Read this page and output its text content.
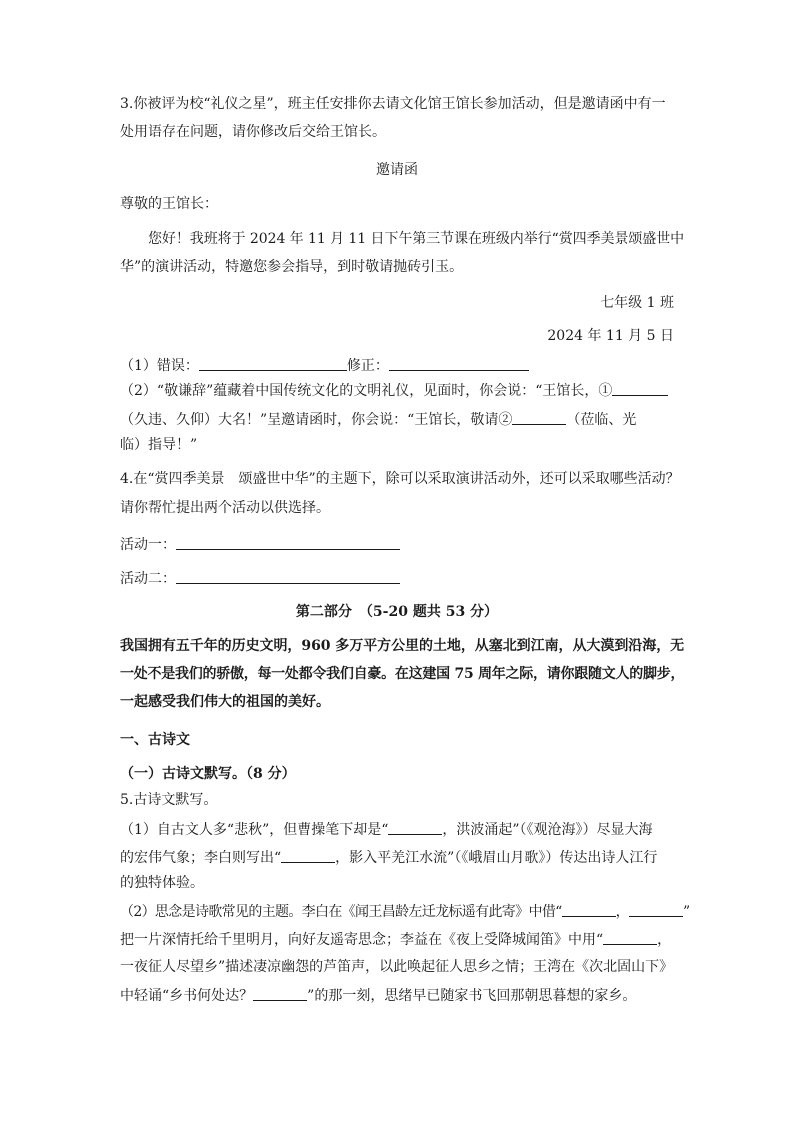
3.你被评为校“礼仪之星”，班主任安排你去请文化馆王馆长参加活动，但是邀请函中有一
处用语存在问题，请你修改后交给王馆长。
邀请函
尊敬的王馆长：
您好！我班将于 2024 年 11 月 11 日下午第三节课在班级内举行“赏四季美景颂盛世中
华”的演讲活动，特邀您参会指导，到时敬请抛砖引玉。
七年级 1 班
2024 年 11 月 5 日
（1）错误：	修正：
（2）“敬谦辞”蕴藏着中国传统文化的文明礼仪，见面时，你会说：“王馆长，①
（久违、久仰）大名！”呈邀请函时，你会说：“王馆长，敬请②	（莅临、光
临）指导！”
4.在“赏四季美景　颂盛世中华”的主题下，除可以采取演讲活动外，还可以采取哪些活动？
请你帮忙提出两个活动以供选择。
活动一：
活动二：
第二部分　（5-20 题共 53 分）
我国拥有五千年的历史文明，960 多万平方公里的土地，从塞北到江南，从大漠到沿海，无
一处不是我们的骄傲，每一处都令我们自豪。在这建国 75 周年之际，请你跟随文人的脚步，
一起感受我们伟大的祖国的美好。
一、古诗文
（一）古诗文默写。（8 分）
5.古诗文默写。
（1）自古文人多“悲秋”，但曹操笔下却是“	，洪波涌起”（《观沧海》）尽显大海
的宏伟气象；李白则写出“	，影入平羌江水流”（《峨眉山月歌》）传达出诗人江行
的独特体验。
（2）思念是诗歌常见的主题。李白在《闻王昌龄左迁龙标遥有此寄》中借“	，	”
把一片深情托给千里明月，向好友遥寄思念；李益在《夜上受降城闻笛》中用“	，
一夜征人尽望乡”描述凄凉幽怨的芦笛声，以此唤起征人思乡之情；王湾在《次北固山下》
中轻诵“乡书何处达？	”的那一刻，思绪早已随家书飞回那朝思暮想的家乡。
